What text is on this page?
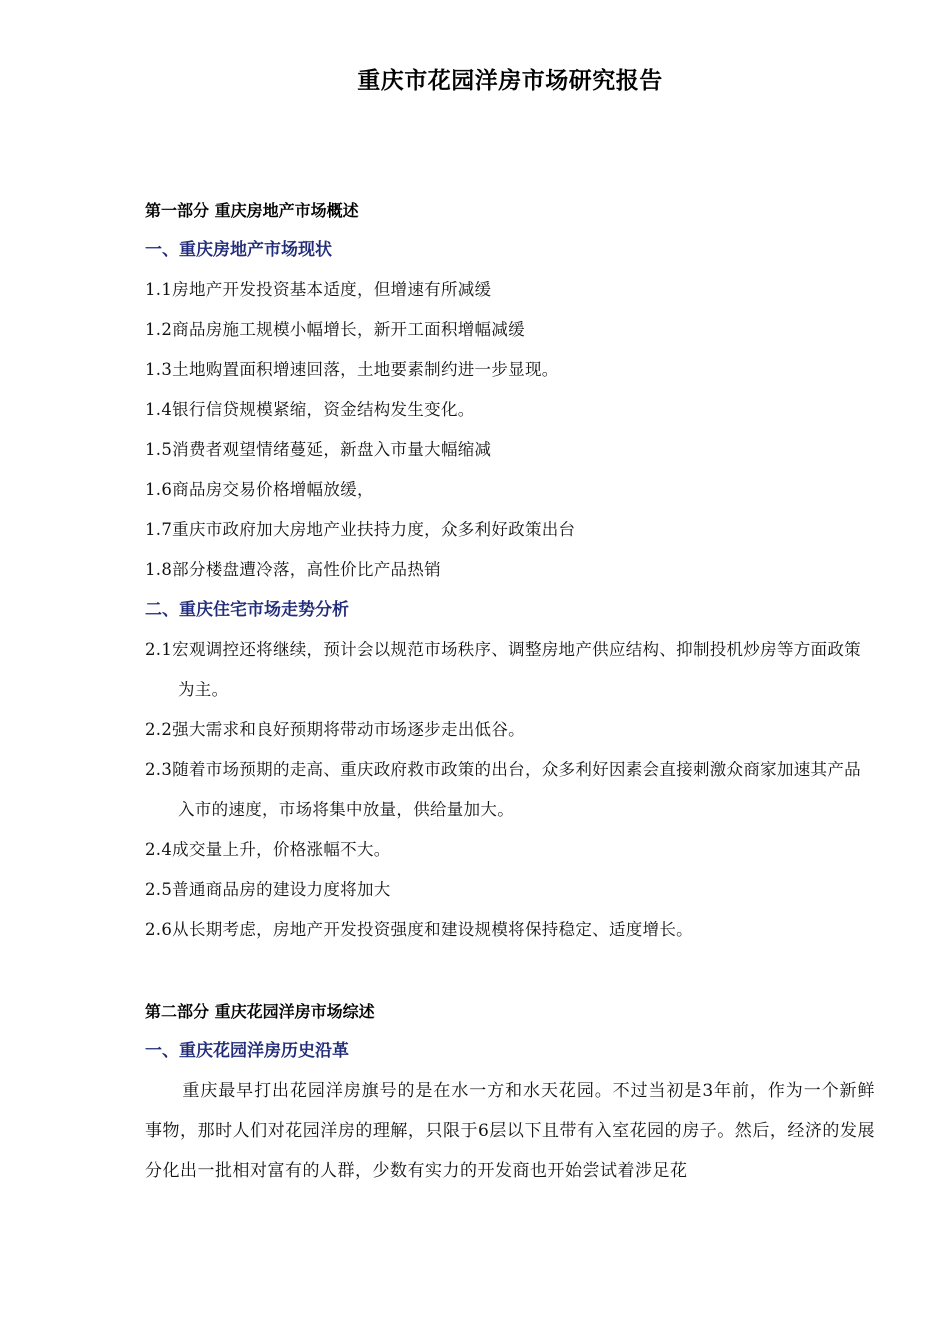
重庆市花园洋房市场研究报告
第一部分 重庆房地产市场概述
一、重庆房地产市场现状
1.1房地产开发投资基本适度，但增速有所减缓
1.2商品房施工规模小幅增长，新开工面积增幅减缓
1.3土地购置面积增速回落，土地要素制约进一步显现。
1.4银行信贷规模紧缩，资金结构发生变化。
1.5消费者观望情绪蔓延，新盘入市量大幅缩减
1.6商品房交易价格增幅放缓，
1.7重庆市政府加大房地产业扶持力度，众多利好政策出台
1.8部分楼盘遭冷落，高性价比产品热销
二、重庆住宅市场走势分析
2.1宏观调控还将继续，预计会以规范市场秩序、调整房地产供应结构、抑制投机炒房等方面政策为主。
2.2强大需求和良好预期将带动市场逐步走出低谷。
2.3随着市场预期的走高、重庆政府救市政策的出台，众多利好因素会直接刺激众商家加速其产品入市的速度，市场将集中放量，供给量加大。
2.4成交量上升，价格涨幅不大。
2.5普通商品房的建设力度将加大
2.6从长期考虑，房地产开发投资强度和建设规模将保持稳定、适度增长。
第二部分 重庆花园洋房市场综述
一、重庆花园洋房历史沿革
重庆最早打出花园洋房旗号的是在水一方和水天花园。不过当初是3年前，作为一个新鲜事物，那时人们对花园洋房的理解，只限于6层以下且带有入室花园的房子。然后，经济的发展分化出一批相对富有的人群，少数有实力的开发商也开始尝试着涉足花
